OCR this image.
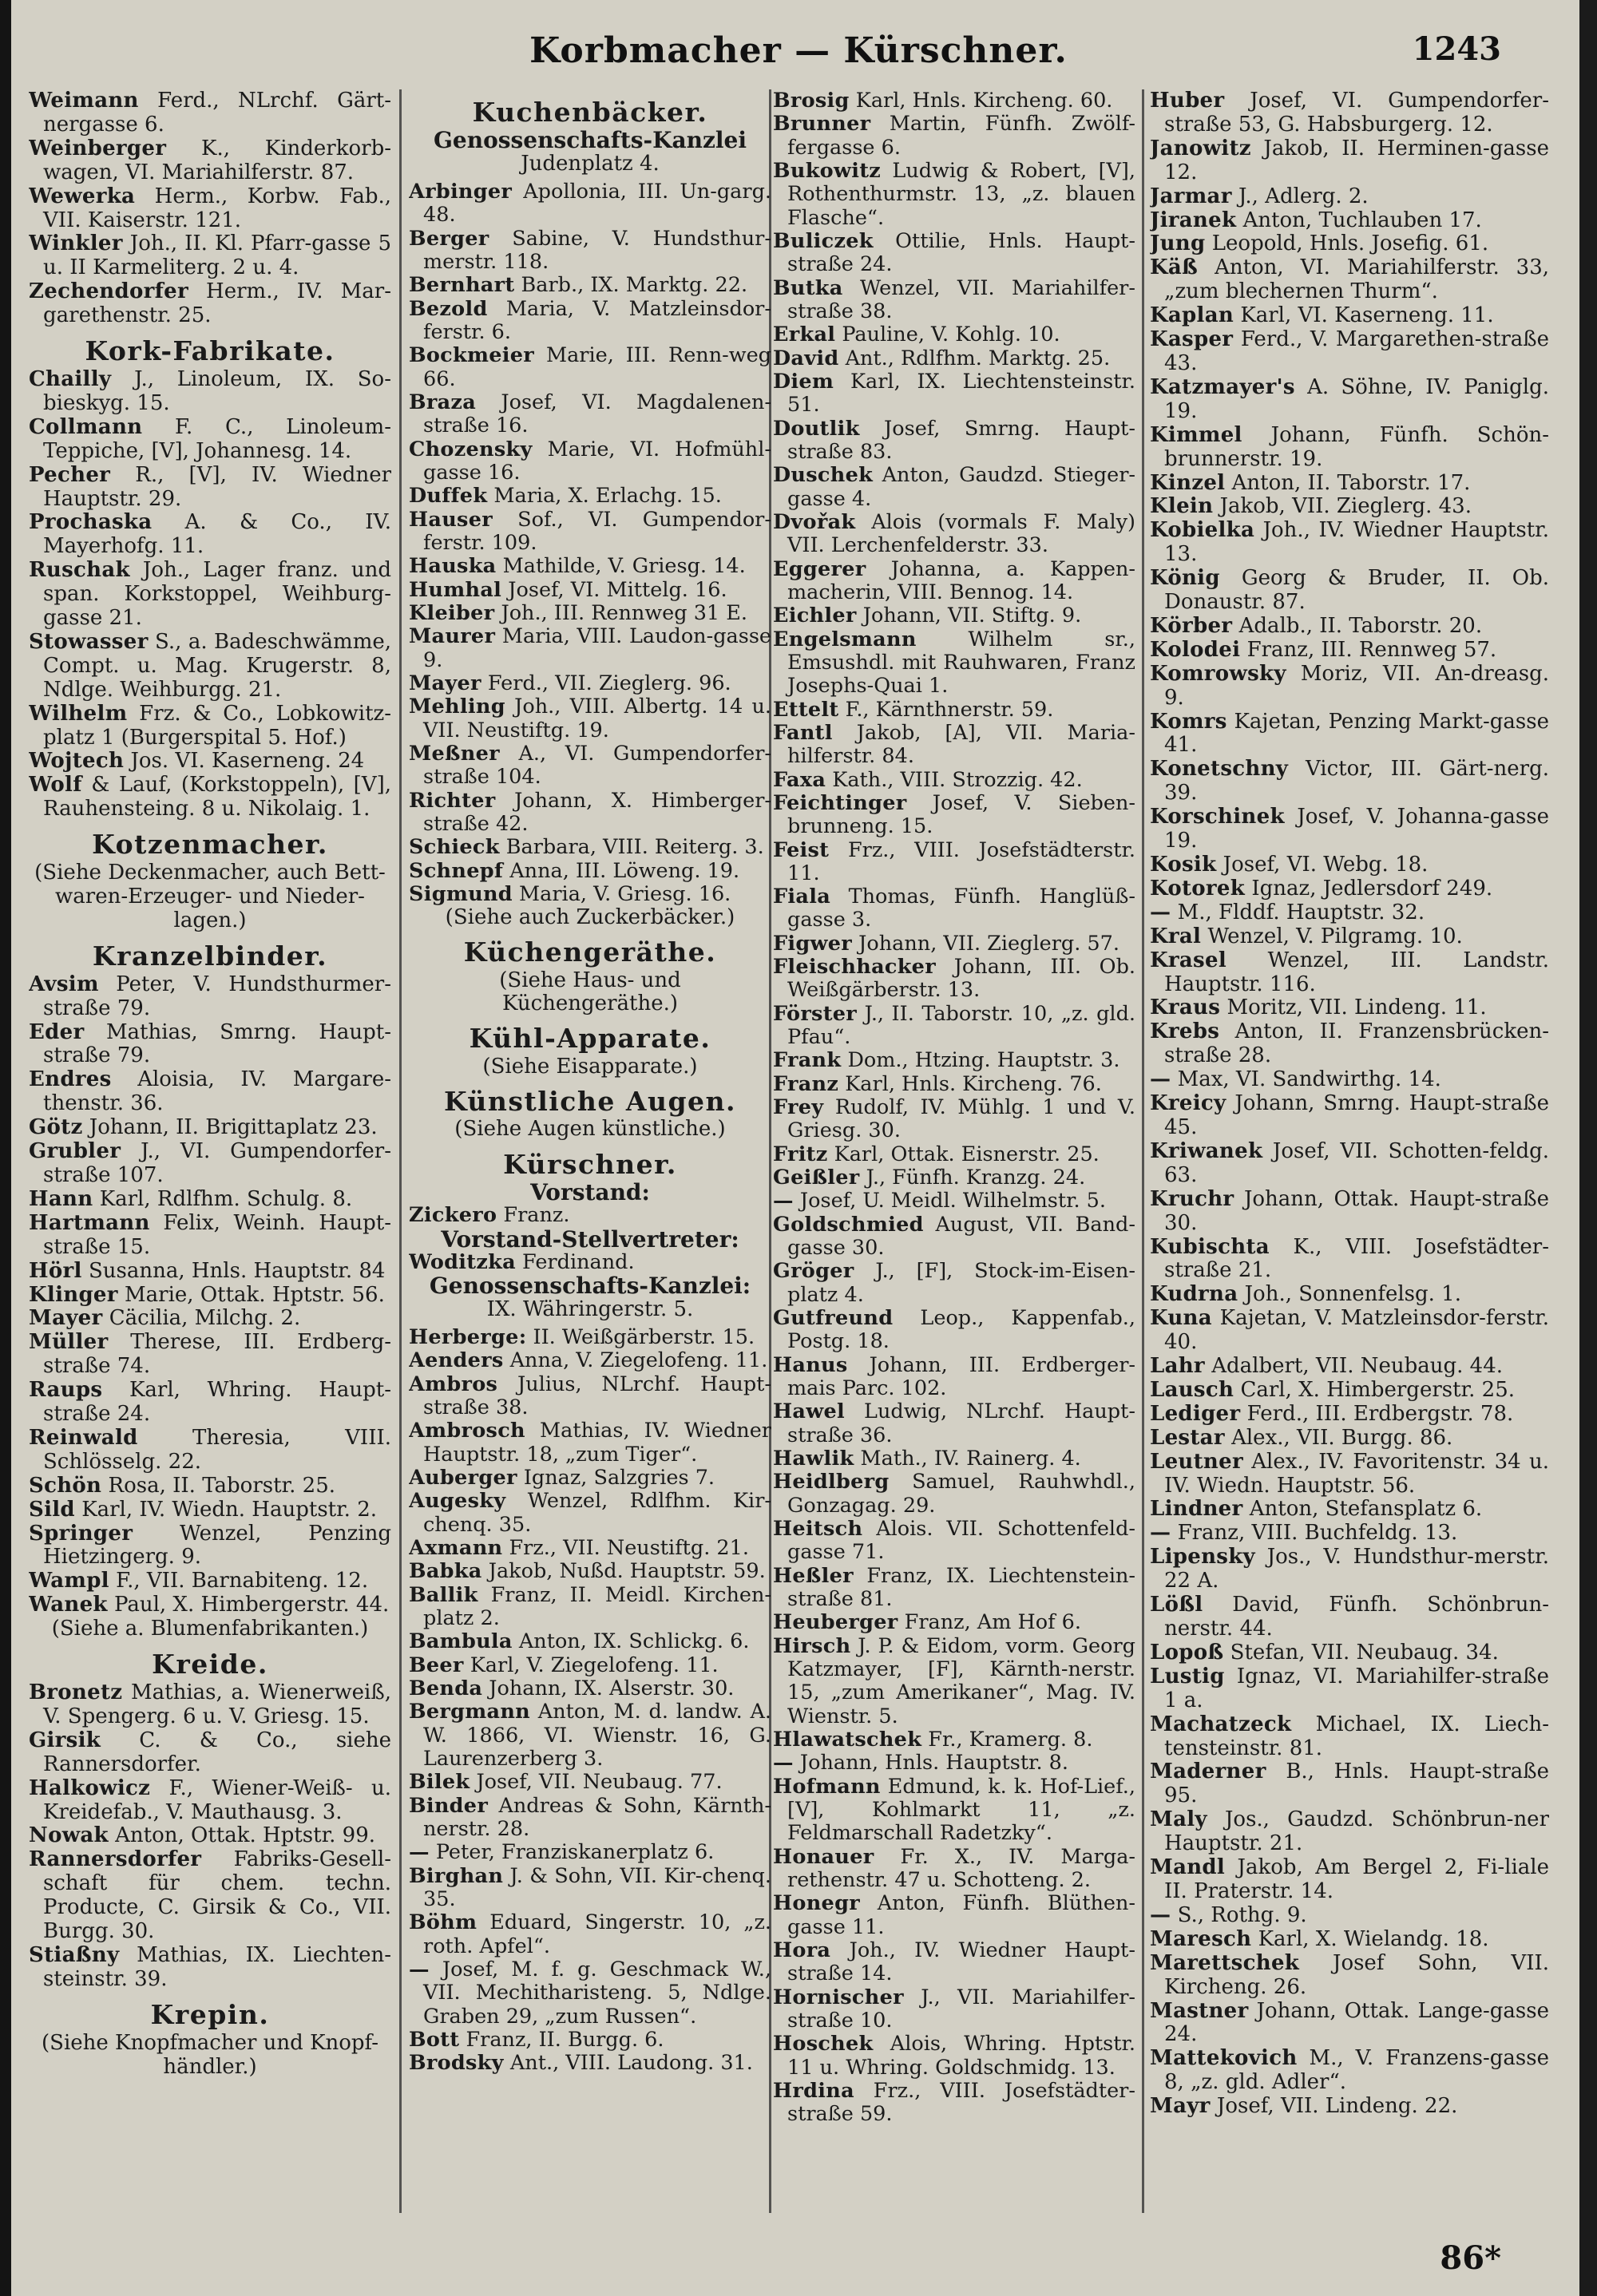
Korbmacher — Kürschner.	1243

Weimann Ferd., NLrchf. Gärt-nergasse 6.

Weinberger K., Kinderkorb-wagen, VI. Mariahilferstr. 87.

Wewerka Herm., Korbw. Fab., VII. Kaiserstr. 121.

Winkler Joh., II. Kl. Pfarr-gasse 5 u. II Karmeliterg. 2 u. 4.

Zechendorfer Herm., IV. Mar-garethenstr. 25.

Kork-Fabrikate.

Chailly J., Linoleum, IX. So-bieskyg. 15.

Collmann F. C., Linoleum-Teppiche, [V], Johannesg. 14.

Pecher R., [V], IV. Wiedner Hauptstr. 29.

Prochaska A. & Co., IV. Mayerhofg. 11.

Ruschak Joh., Lager franz. und span. Korkstoppel, Weihburg-gasse 21.

Stowasser S., a. Badeschwämme, Compt. u. Mag. Krugerstr. 8, Ndlge. Weihburgg. 21.

Wilhelm Frz. & Co., Lobkowitz-platz 1 (Burgerspital 5. Hof.)

Wojtech Jos. VI. Kaserneng. 24

Wolf & Lauf, (Korkstoppeln), [V], Rauhensteing. 8 u. Nikolaig. 1.

Kotzenmacher.
(Siehe Deckenmacher, auch Bett-waren-Erzeuger- und Nieder-lagen.)
Kranzelbinder.

Avsim Peter, V. Hundsthurmer-straße 79.

Eder Mathias, Smrng. Haupt-straße 79.

Endres Aloisia, IV. Margare-thenstr. 36.

Götz Johann, II. Brigittaplatz 23.

Grubler J., VI. Gumpendorfer-straße 107.

Hann Karl, Rdlfhm. Schulg. 8.

Hartmann Felix, Weinh. Haupt-straße 15.

Hörl Susanna, Hnls. Hauptstr. 84

Klinger Marie, Ottak. Hptstr. 56.

Mayer Cäcilia, Milchg. 2.

Müller Therese, III. Erdberg-straße 74.

Raups Karl, Whring. Haupt-straße 24.

Reinwald	Theresia, VIII. Schlösselg. 22.

Schön Rosa, II. Taborstr. 25.

Sild Karl, IV. Wiedn. Hauptstr. 2.

Springer Wenzel, Penzing Hietzingerg. 9.

Wampl F., VII. Barnabiteng. 12.

Wanek Paul, X. Himbergerstr. 44.

(Siehe a. Blumenfabrikanten.)
Kreide.

Bronetz Mathias, a. Wienerweiß, V. Spengerg. 6 u. V. Griesg. 15.

Girsik C. & Co., siehe Rannersdorfer.

Halkowicz F., Wiener-Weiß- u. Kreidefab., V. Mauthausg. 3.

Nowak Anton, Ottak. Hptstr. 99.

Rannersdorfer Fabriks-Gesell-schaft für chem. techn. Producte, C. Girsik & Co., VII. Burgg. 30.

Stiaßny Mathias, IX. Liechten-steinstr. 39.

Krepin.
(Siehe Knopfmacher und Knopf-händler.)
Kuchenbäcker.
Genossenschafts-Kanzlei
Judenplatz 4.

Arbinger Apollonia, III. Un-garg. 48.

Berger Sabine, V. Hundsthur-merstr. 118.

Bernhart Barb., IX. Marktg. 22.

Bezold Maria, V. Matzleinsdor-ferstr. 6.

Bockmeier Marie, III. Renn-weg 66.

Braza Josef, VI. Magdalenen-straße 16.

Chozensky Marie, VI. Hofmühl-gasse 16.

Duffek Maria, X. Erlachg. 15.

Hauser Sof., VI. Gumpendor-ferstr. 109.

Hauska Mathilde, V. Griesg. 14.

Humhal Josef, VI. Mittelg. 16.

Kleiber Joh., III. Rennweg 31 E.

Maurer Maria, VIII. Laudon-gasse 9.

Mayer Ferd., VII. Zieglerg. 96.

Mehling Joh., VIII. Albertg. 14 u. VII. Neustiftg. 19.

Meßner A., VI. Gumpendorfer-straße 104.

Richter Johann, X. Himberger-straße 42.

Schieck Barbara, VIII. Reiterg. 3.

Schnepf Anna, III. Löweng. 19.

Sigmund Maria, V. Griesg. 16.

(Siehe auch Zuckerbäcker.)
Küchengeräthe.
(Siehe Haus- und Küchengeräthe.)
Kühl-Apparate.
(Siehe Eisapparate.)
Künstliche Augen.
(Siehe Augen künstliche.)
Kürschner.
Vorstand:

Zickero Franz.

Vorstand-Stellvertreter:

Woditzka Ferdinand.

Genossenschafts-Kanzlei:
IX. Währingerstr. 5.

Herberge: II. Weißgärberstr. 15.

Aenders Anna, V. Ziegelofeng. 11.

Ambros Julius, NLrchf. Haupt-straße 38.

Ambrosch Mathias, IV. Wiedner Hauptstr. 18, „zum Tiger“.

Auberger Ignaz, Salzgries 7.

Augesky Wenzel, Rdlfhm. Kir-chenq. 35.

Axmann Frz., VII. Neustiftg. 21.

Babka Jakob, Nußd. Hauptstr. 59.

Ballik Franz, II. Meidl. Kirchen-platz 2.

Bambula Anton, IX. Schlickg. 6.

Beer Karl, V. Ziegelofeng. 11.

Benda Johann, IX. Alserstr. 30.

Bergmann Anton, M. d. landw. A. W. 1866, VI. Wienstr. 16, G. Laurenzerberg 3.

Bilek Josef, VII. Neubaug. 77.

Binder Andreas & Sohn, Kärnth-nerstr. 28.

— Peter, Franziskanerplatz 6.

Birghan J. & Sohn, VII. Kir-chenq. 35.

Böhm Eduard, Singerstr. 10, „z. roth. Apfel“.

— Josef, M. f. g. Geschmack W., VII. Mechitharisteng. 5, Ndlge. Graben 29, „zum Russen“.

Bott Franz, II. Burgg. 6.

Brodsky Ant., VIII. Laudong. 31.

Brosig Karl, Hnls. Kircheng. 60.

Brunner Martin, Fünfh. Zwölf-fergasse 6.

Bukowitz Ludwig & Robert, [V], Rothenthurmstr. 13, „z. blauen Flasche“.

Buliczek Ottilie, Hnls. Haupt-straße 24.

Butka Wenzel, VII. Mariahilfer-straße 38.

Erkal Pauline, V. Kohlg. 10.

David Ant., Rdlfhm. Marktg. 25.

Diem Karl, IX. Liechtensteinstr. 51.

Doutlik Josef, Smrng. Haupt-straße 83.

Duschek Anton, Gaudzd. Stieger-gasse 4.

Dvořak Alois (vormals F. Maly) VII. Lerchenfelderstr. 33.

Eggerer Johanna, a. Kappen-macherin, VIII. Bennog. 14.

Eichler Johann, VII. Stiftg. 9.

Engelsmann	Wilhelm sr., Emsushdl. mit Rauhwaren, Franz Josephs-Quai 1.

Ettelt F., Kärnthnerstr. 59.

Fantl Jakob, [A], VII. Maria-hilferstr. 84.

Faxa Kath., VIII. Strozzig. 42.

Feichtinger Josef, V. Sieben-brunneng. 15.

Feist Frz., VIII. Josefstädterstr. 11.

Fiala Thomas, Fünfh. Hanglüß-gasse 3.

Figwer Johann, VII. Zieglerg. 57.

Fleischhacker Johann, III. Ob. Weißgärberstr. 13.

Förster J., II. Taborstr. 10, „z. gld. Pfau“.

Frank Dom., Htzing. Hauptstr. 3.

Franz Karl, Hnls. Kircheng. 76.

Frey Rudolf, IV. Mühlg. 1 und V. Griesg. 30.

Fritz Karl, Ottak. Eisnerstr. 25.

Geißler J., Fünfh. Kranzg. 24.

— Josef, U. Meidl. Wilhelmstr. 5.

Goldschmied August, VII. Band-gasse 30.

Gröger J., [F], Stock-im-Eisen-platz 4.

Gutfreund Leop., Kappenfab., Postg. 18.

Hanus Johann, III. Erdberger-mais Parc. 102.

Hawel Ludwig, NLrchf. Haupt-straße 36.

Hawlik Math., IV. Rainerg. 4.

Heidlberg Samuel, Rauhwhdl., Gonzagag. 29.

Heitsch Alois. VII. Schottenfeld-gasse 71.

Heßler Franz, IX. Liechtenstein-straße 81.

Heuberger Franz, Am Hof 6.

Hirsch J. P. & Eidom, vorm. Georg Katzmayer, [F], Kärnth-nerstr. 15, „zum Amerikaner“, Mag. IV. Wienstr. 5.

Hlawatschek Fr., Kramerg. 8.

— Johann, Hnls. Hauptstr. 8.

Hofmann Edmund, k. k. Hof-Lief., [V], Kohlmarkt 11, „z. Feldmarschall Radetzky“.

Honauer Fr. X., IV. Marga-rethenstr. 47 u. Schotteng. 2.

Honegr Anton, Fünfh. Blüthen-gasse 11.

Hora Joh., IV. Wiedner Haupt-straße 14.

Hornischer J., VII. Mariahilfer-straße 10.

Hoschek Alois, Whring. Hptstr. 11 u. Whring. Goldschmidg. 13.

Hrdina Frz., VIII. Josefstädter-straße 59.

Huber Josef, VI. Gumpendorfer-straße 53, G. Habsburgerg. 12.

Janowitz Jakob, II. Herminen-gasse 12.

Jarmar J., Adlerg. 2.

Jiranek Anton, Tuchlauben 17.

Jung Leopold, Hnls. Josefig. 61.

Käß Anton, VI. Mariahilferstr. 33, „zum blechernen Thurm“.

Kaplan Karl, VI. Kaserneng. 11.

Kasper Ferd., V. Margarethen-straße 43.

Katzmayer's A. Söhne, IV. Paniglg. 19.

Kimmel Johann, Fünfh. Schön-brunnerstr. 19.

Kinzel Anton, II. Taborstr. 17.

Klein Jakob, VII. Zieglerg. 43.

Kobielka Joh., IV. Wiedner Hauptstr. 13.

König Georg & Bruder, II. Ob. Donaustr. 87.

Körber Adalb., II. Taborstr. 20.

Kolodei Franz, III. Rennweg 57.

Komrowsky Moriz, VII. An-dreasg. 9.

Komrs Kajetan, Penzing Markt-gasse 41.

Konetschny Victor, III. Gärt-nerg. 39.

Korschinek Josef, V. Johanna-gasse 19.

Kosik Josef, VI. Webg. 18.

Kotorek Ignaz, Jedlersdorf 249.

— M., Flddf. Hauptstr. 32.

Kral Wenzel, V. Pilgramg. 10.

Krasel Wenzel, III. Landstr. Hauptstr. 116.

Kraus Moritz, VII. Lindeng. 11.

Krebs Anton, II. Franzensbrücken-straße 28.

— Max, VI. Sandwirthg. 14.

Kreicy Johann, Smrng. Haupt-straße 45.

Kriwanek Josef, VII. Schotten-feldg. 63.

Kruchr Johann, Ottak. Haupt-straße 30.

Kubischta K., VIII. Josefstädter-straße 21.

Kudrna Joh., Sonnenfelsg. 1.

Kuna Kajetan, V. Matzleinsdor-ferstr. 40.

Lahr Adalbert, VII. Neubaug. 44.

Lausch Carl, X. Himbergerstr. 25.

Lediger Ferd., III. Erdbergstr. 78.

Lestar Alex., VII. Burgg. 86.

Leutner Alex., IV. Favoritenstr. 34 u. IV. Wiedn. Hauptstr. 56.

Lindner Anton, Stefansplatz 6.

— Franz, VIII. Buchfeldg. 13.

Lipensky Jos., V. Hundsthur-merstr. 22 A.

Lößl David, Fünfh. Schönbrun-nerstr. 44.

Lopoß Stefan, VII. Neubaug. 34.

Lustig Ignaz, VI. Mariahilfer-straße 1 a.

Machatzeck Michael, IX. Liech-tensteinstr. 81.

Maderner B., Hnls. Haupt-straße 95.

Maly Jos., Gaudzd. Schönbrun-ner Hauptstr. 21.

Mandl Jakob, Am Bergel 2, Fi-liale II. Praterstr. 14.

— S., Rothg. 9.

Maresch Karl, X. Wielandg. 18.

Marettschek Josef Sohn, VII. Kircheng. 26.

Mastner Johann, Ottak. Lange-gasse 24.

Mattekovich M., V. Franzens-gasse 8, „z. gld. Adler“.

Mayr Josef, VII. Lindeng. 22.

86*
